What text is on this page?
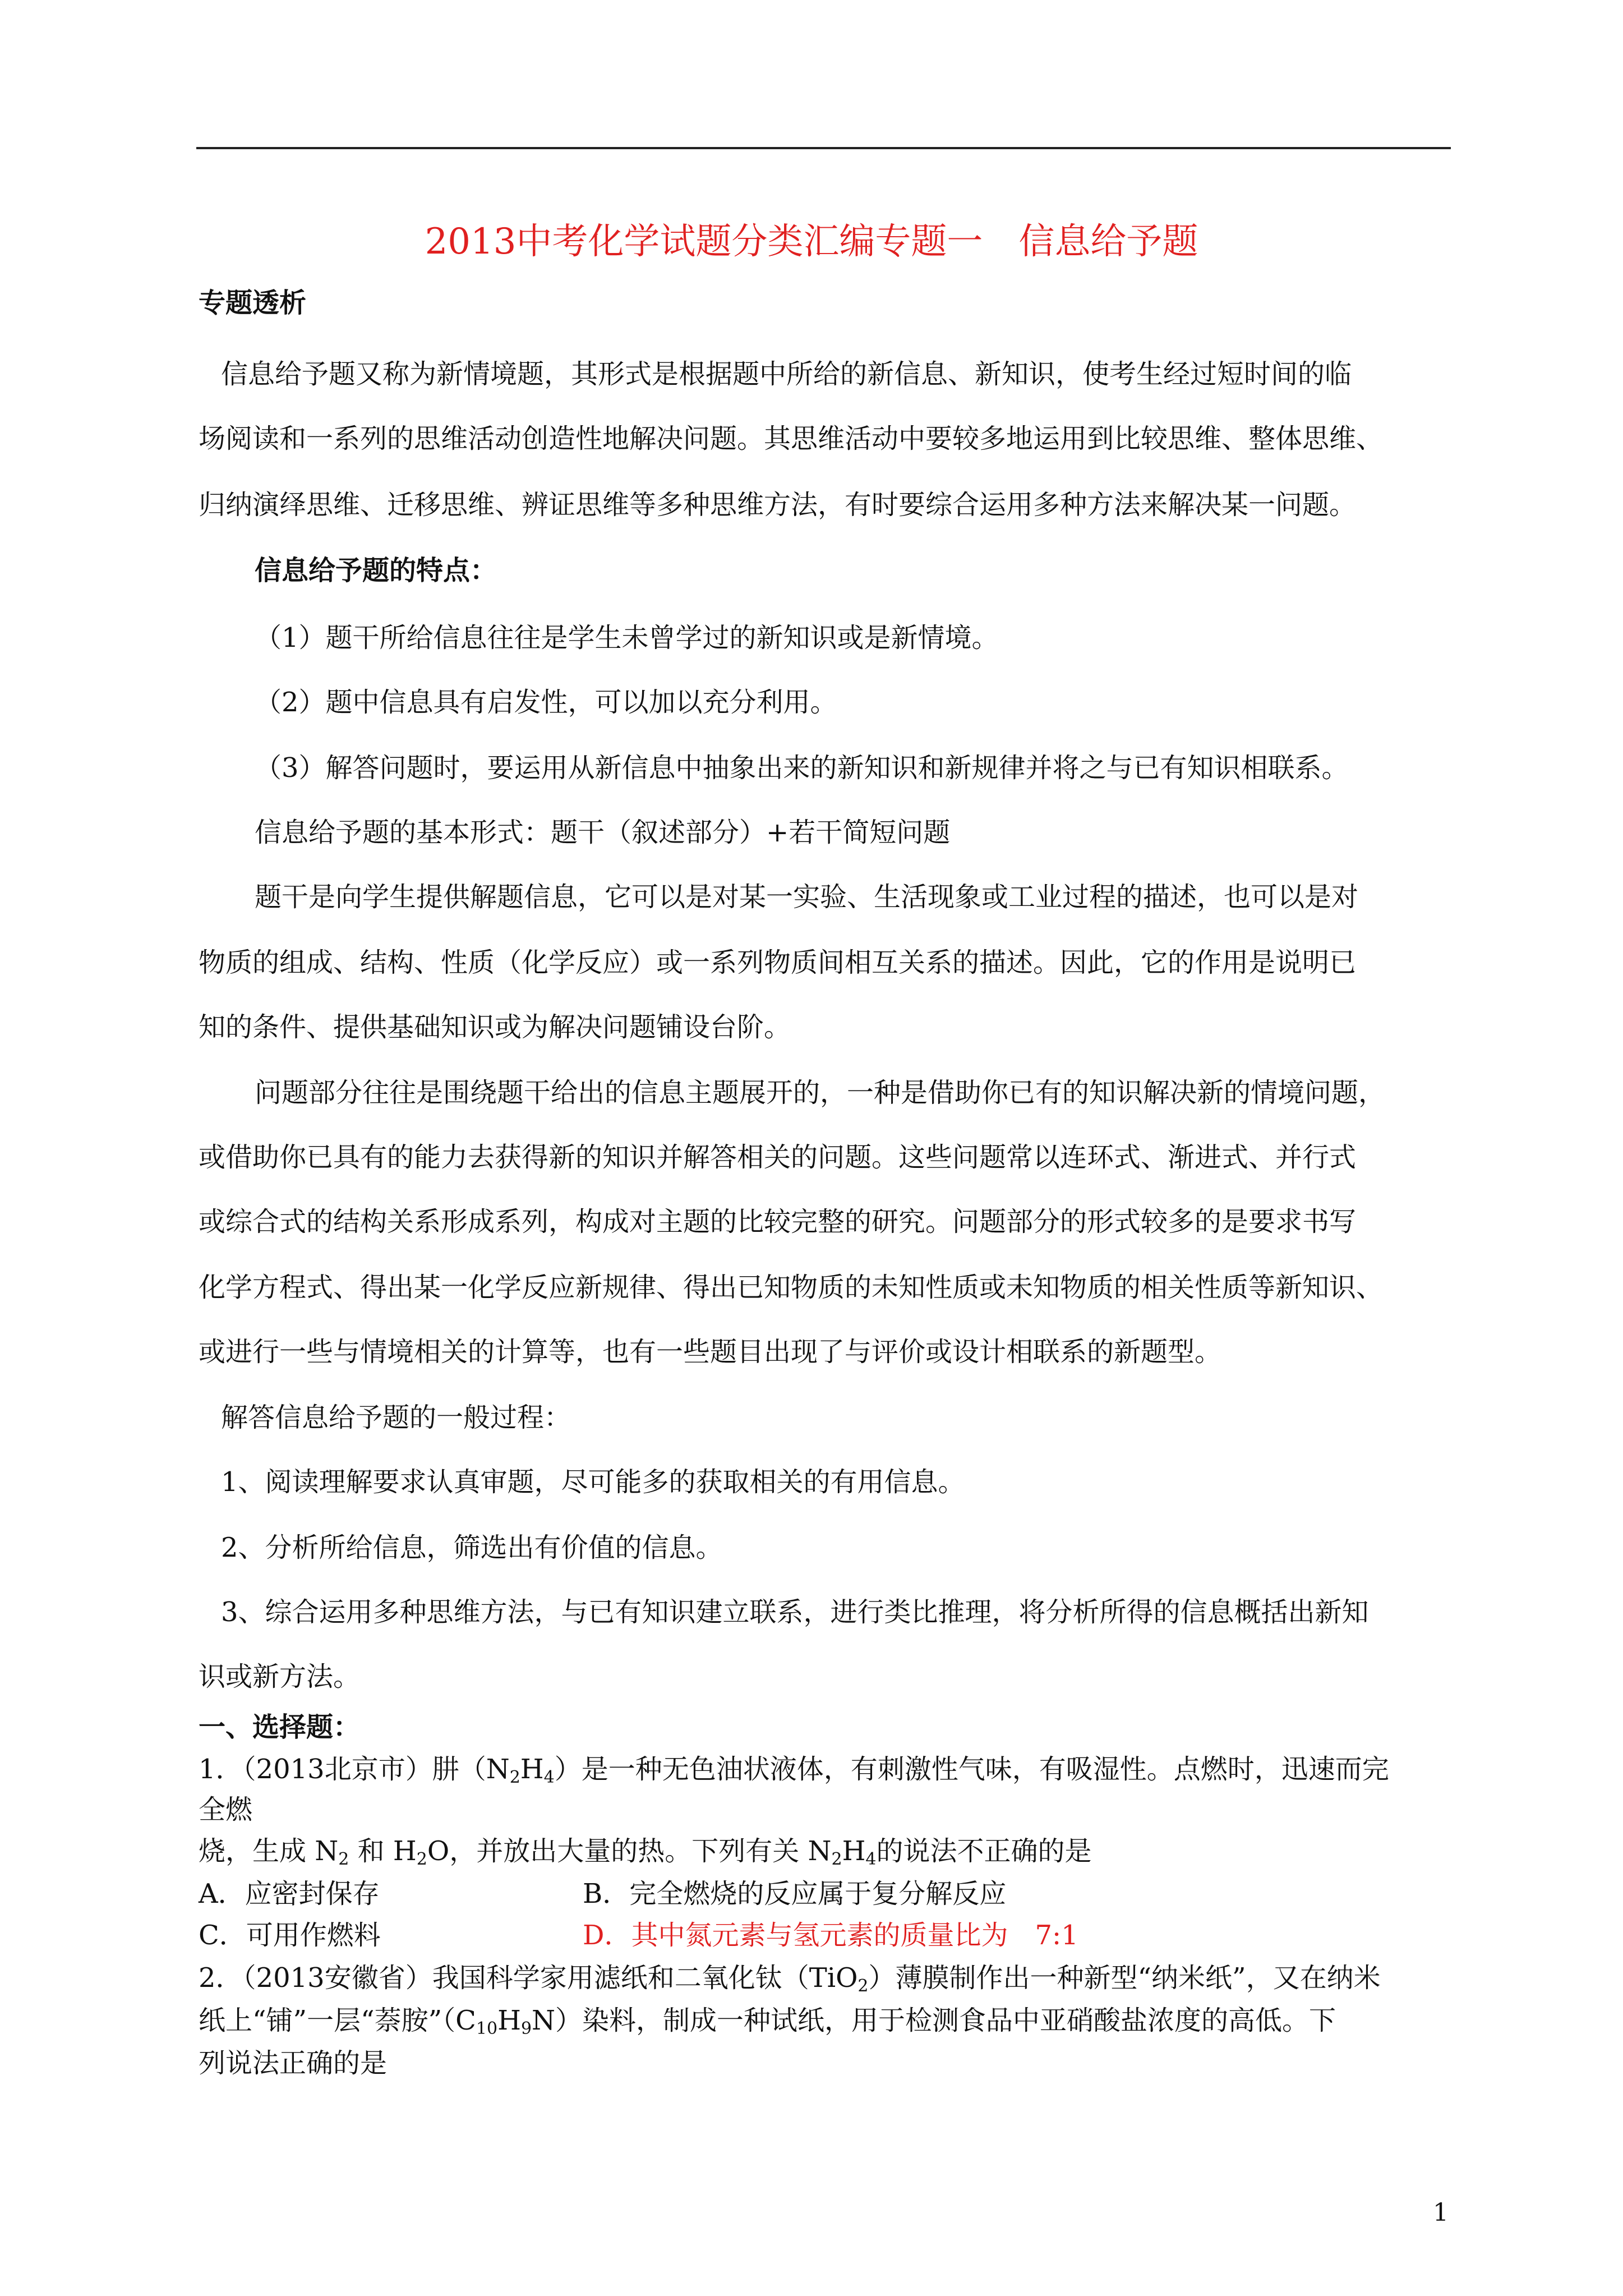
2013中考化学试题分类汇编专题一　信息给予题
专题透析
信息给予题又称为新情境题，其形式是根据题中所给的新信息、新知识，使考生经过短时间的临
场阅读和一系列的思维活动创造性地解决问题。其思维活动中要较多地运用到比较思维、整体思维、
归纳演绎思维、迁移思维、辨证思维等多种思维方法，有时要综合运用多种方法来解决某一问题。
信息给予题的特点：
（1）题干所给信息往往是学生未曾学过的新知识或是新情境。
（2）题中信息具有启发性，可以加以充分利用。
（3）解答问题时，要运用从新信息中抽象出来的新知识和新规律并将之与已有知识相联系。
信息给予题的基本形式：题干（叙述部分）+若干简短问题
题干是向学生提供解题信息，它可以是对某一实验、生活现象或工业过程的描述，也可以是对
物质的组成、结构、性质（化学反应）或一系列物质间相互关系的描述。因此，它的作用是说明已
知的条件、提供基础知识或为解决问题铺设台阶。
问题部分往往是围绕题干给出的信息主题展开的，一种是借助你已有的知识解决新的情境问题，
或借助你已具有的能力去获得新的知识并解答相关的问题。这些问题常以连环式、渐进式、并行式
或综合式的结构关系形成系列，构成对主题的比较完整的研究。问题部分的形式较多的是要求书写
化学方程式、得出某一化学反应新规律、得出已知物质的未知性质或未知物质的相关性质等新知识、
或进行一些与情境相关的计算等，也有一些题目出现了与评价或设计相联系的新题型。
解答信息给予题的一般过程：
1、阅读理解要求认真审题，尽可能多的获取相关的有用信息。
2、分析所给信息，筛选出有价值的信息。
3、综合运用多种思维方法，与已有知识建立联系，进行类比推理，将分析所得的信息概括出新知
识或新方法。
一、选择题：
1．（2013北京市）肼$(N_2H_4)$是一种无色油状液体，有刺激性气味，有吸湿性。点燃时，迅速而完
全燃
烧，生成 $N_2$ 和 $H_2O$，并放出大量的热。下列有关 $N_2H_4$的说法不正确的是
A．应密封保存	B．完全燃烧的反应属于复分解反应
C．可用作燃料	D．其中氮元素与氢元素的质量比为　7:1
2．（2013安徽省）我国科学家用滤纸和二氧化钛（TiO$_2$）薄膜制作出一种新型“纳米纸”，又在纳米
纸上“铺”一层“萘胺$”(C_{10}H_9N)$染料，制成一种试纸，用于检测食品中亚硝酸盐浓度的高低。下
列说法正确的是
1
